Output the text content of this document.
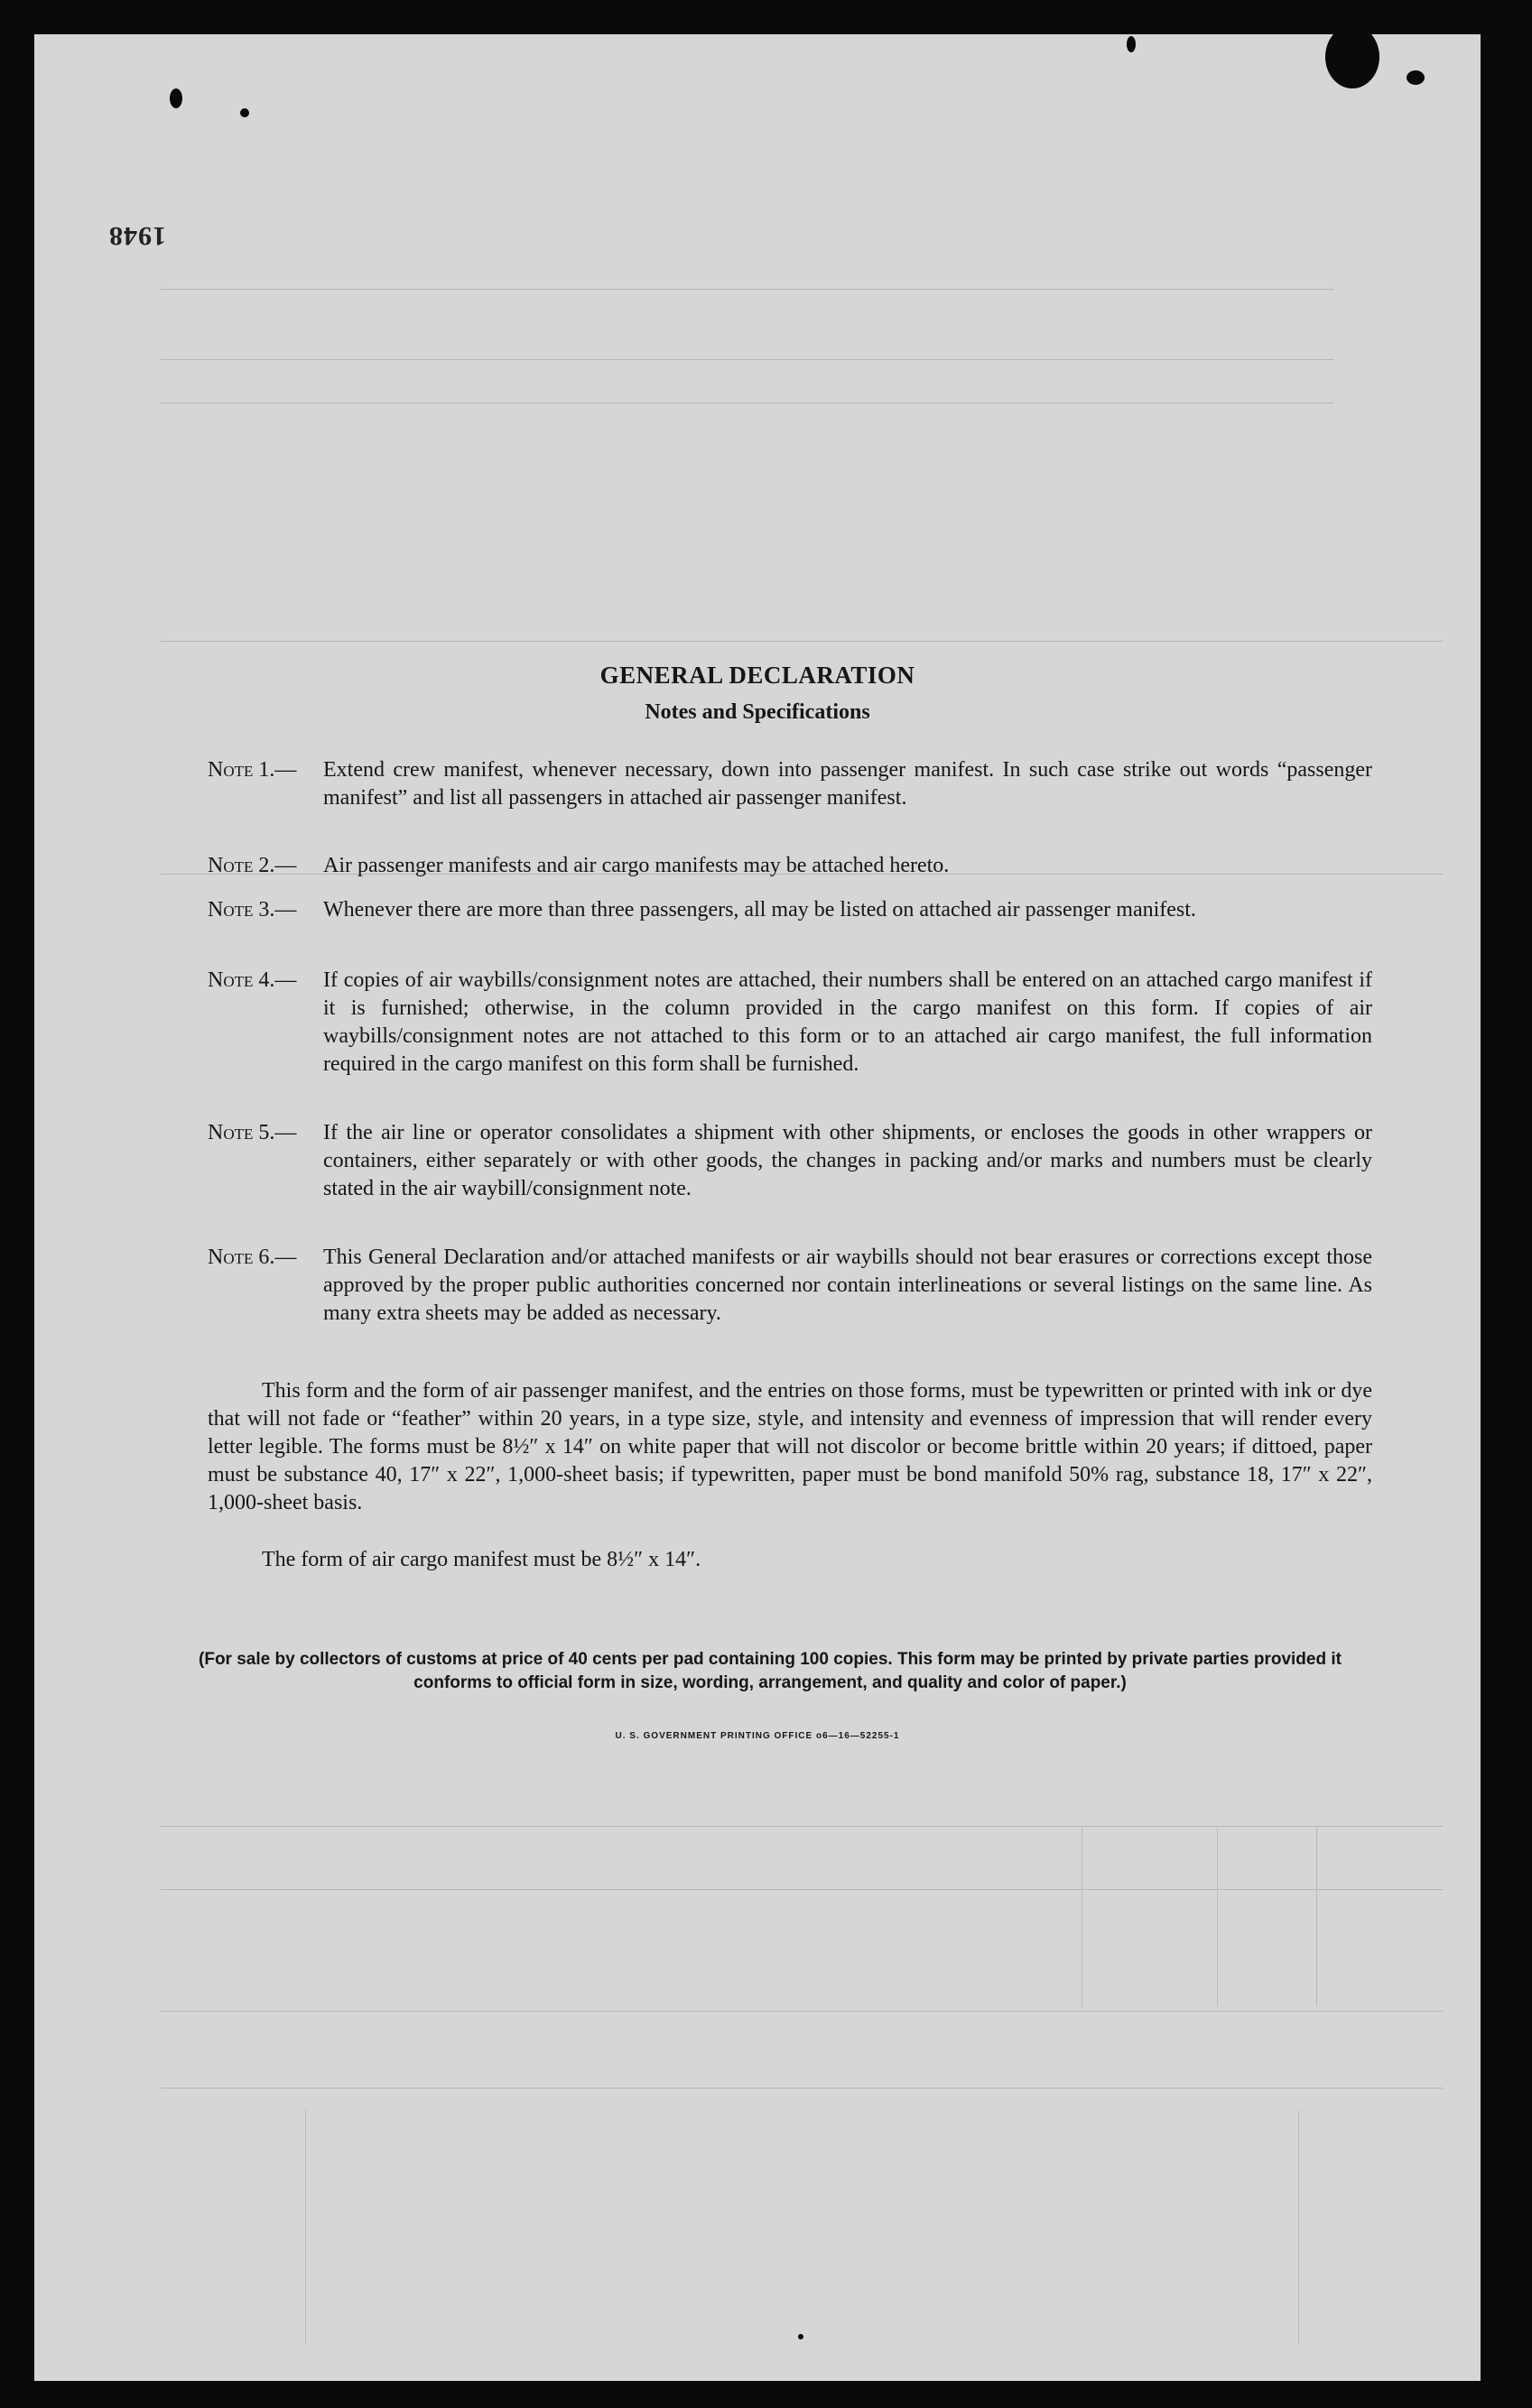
1948
GENERAL DECLARATION
Notes and Specifications
Note 1.—	Extend crew manifest, whenever necessary, down into passenger manifest. In such case strike out words “passenger manifest” and list all passengers in attached air passenger manifest.
Note 2.—	Air passenger manifests and air cargo manifests may be attached hereto.
Note 3.—	Whenever there are more than three passengers, all may be listed on attached air passenger manifest.
Note 4.—	If copies of air waybills/consignment notes are attached, their numbers shall be entered on an attached cargo manifest if it is furnished; otherwise, in the column provided in the cargo manifest on this form. If copies of air waybills/consignment notes are not attached to this form or to an attached air cargo manifest, the full information required in the cargo manifest on this form shall be furnished.
Note 5.—	If the air line or operator consolidates a shipment with other shipments, or encloses the goods in other wrappers or containers, either separately or with other goods, the changes in packing and/or marks and numbers must be clearly stated in the air waybill/consignment note.
Note 6.—	This General Declaration and/or attached manifests or air waybills should not bear erasures or corrections except those approved by the proper public authorities concerned nor contain interlineations or several listings on the same line. As many extra sheets may be added as necessary.
This form and the form of air passenger manifest, and the entries on those forms, must be typewritten or printed with ink or dye that will not fade or “feather” within 20 years, in a type size, style, and intensity and evenness of impression that will render every letter legible. The forms must be 8½″ x 14″ on white paper that will not discolor or become brittle within 20 years; if dittoed, paper must be substance 40, 17″ x 22″, 1,000-sheet basis; if typewritten, paper must be bond manifold 50% rag, substance 18, 17″ x 22″, 1,000-sheet basis.
The form of air cargo manifest must be 8½″ x 14″.
(For sale by collectors of customs at price of 40 cents per pad containing 100 copies. This form may be printed by private parties provided it conforms to official form in size, wording, arrangement, and quality and color of paper.)
U. S. GOVERNMENT PRINTING OFFICE o6—16—52255-1
